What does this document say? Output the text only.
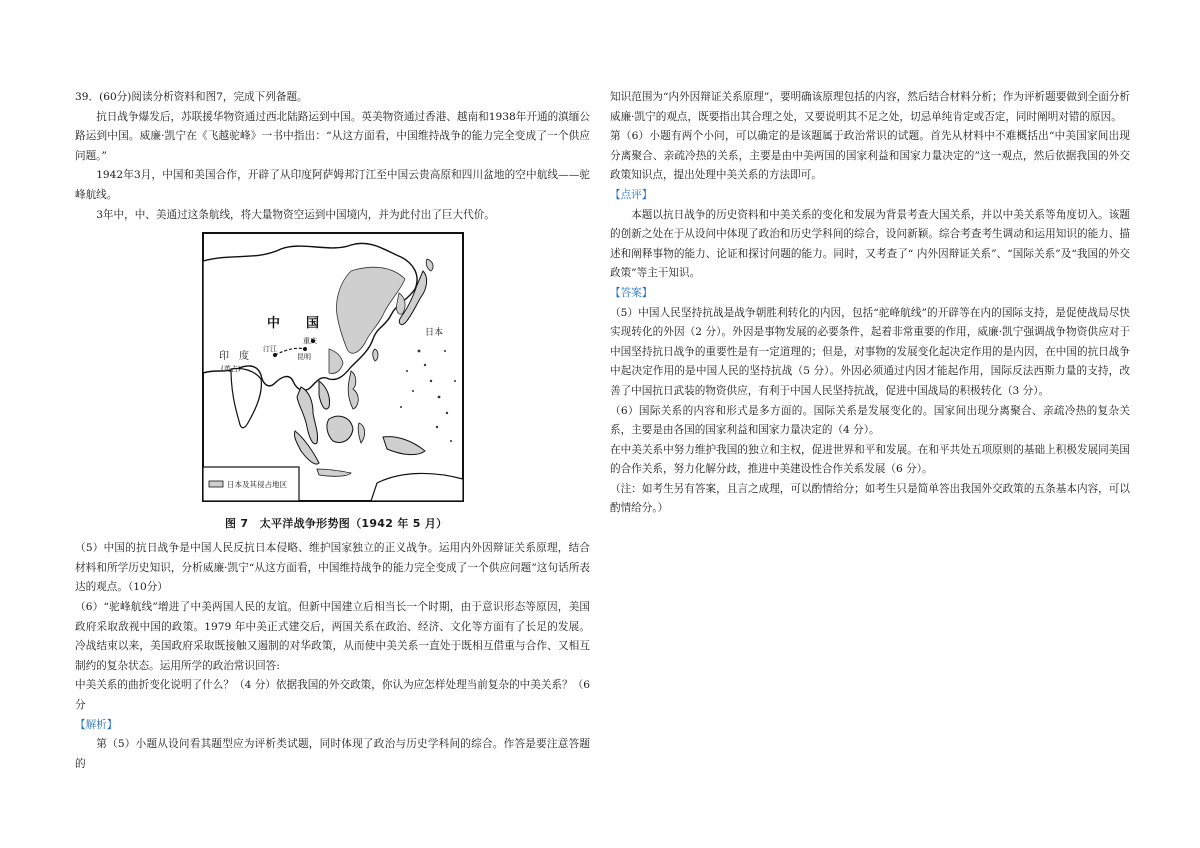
39．(60分)阅读分析资料和图7，完成下列备题。

抗日战争爆发后，苏联援华物资通过西北陆路运到中国。英美物资通过香港、越南和1938年开通的滇缅公路运到中国。威廉·凯宁在《飞越驼峰》一书中指出：“从这方面看，中国维持战争的能力完全变成了一个供应问题。”

1942年3月，中国和美国合作，开辟了从印度阿萨姆邦汀江至中国云贵高原和四川盆地的空中航线——驼峰航线。

3年中，中、美通过这条航线，将大量物资空运到中国境内，并为此付出了巨大代价。

中　　国
日本
印　度
(英占)
汀江
重庆
昆明
日本及其侵占地区
图 7　太平洋战争形势图（1942 年 5 月）

（5）中国的抗日战争是中国人民反抗日本侵略、维护国家独立的正义战争。运用内外因辩证关系原理，结合材料和所学历史知识，分析威廉·凯宁“从这方面看，中国维持战争的能力完全变成了一个供应问题”这句话所表达的观点。（10分）

（6）“驼峰航线”增进了中美两国人民的友谊。但新中国建立后相当长一个时期，由于意识形态等原因，美国政府采取敌视中国的政策。1979 年中美正式建交后，两国关系在政治、经济、文化等方面有了长足的发展。冷战结束以来，美国政府采取既接触又遏制的对华政策，从而使中美关系一直处于既相互借重与合作、又相互制约的复杂状态。运用所学的政治常识回答:

中美关系的曲折变化说明了什么？（4 分）依据我国的外交政策，你认为应怎样处理当前复杂的中美关系？（6分

【解析】

第（5）小题从设问看其题型应为评析类试题，同时体现了政治与历史学科间的综合。作答是要注意答题的

知识范围为“内外因辩证关系原理”，要明确该原理包括的内容，然后结合材料分析；作为评析题要做到全面分析威廉·凯宁的观点，既要指出其合理之处，又要说明其不足之处，切忌单纯肯定或否定，同时阐明对错的原因。

第（6）小题有两个小问，可以确定的是该题属于政治常识的试题。首先从材料中不难概括出“中美国家间出现分离聚合、亲疏冷热的关系，主要是由中美两国的国家利益和国家力量决定的”这一观点，然后依据我国的外交政策知识点，提出处理中美关系的方法即可。

【点评】

本题以抗日战争的历史资料和中美关系的变化和发展为背景考查大国关系，并以中美关系等角度切入。该题的创新之处在于从设问中体现了政治和历史学科间的综合，设问新颖。综合考查考生调动和运用知识的能力、描述和阐释事物的能力、论证和探讨问题的能力。同时，又考查了“ 内外因辩证关系”、“国际关系”及“我国的外交政策”等主干知识。

【答案】

（5）中国人民坚持抗战是战争朝胜利转化的内因，包括“驼峰航线”的开辟等在内的国际支持，是促使战局尽快实现转化的外因（2 分）。外因是事物发展的必要条件，起着非常重要的作用，威廉·凯宁强调战争物资供应对于中国坚持抗日战争的重要性是有一定道理的；但是，对事物的发展变化起决定作用的是内因，在中国的抗日战争中起决定作用的是中国人民的坚持抗战（5 分）。外因必须通过内因才能起作用，国际反法西斯力量的支持，改善了中国抗日武装的物资供应，有利于中国人民坚持抗战，促进中国战局的积极转化（3 分）。

（6）国际关系的内容和形式是多方面的。国际关系是发展变化的。国家间出现分离聚合、亲疏冷热的复杂关系，主要是由各国的国家利益和国家力量决定的（4 分）。

在中美关系中努力维护我国的独立和主权，促进世界和平和发展。在和平共处五项原则的基础上积极发展同美国的合作关系，努力化解分歧，推进中美建设性合作关系发展（6 分）。

（注：如考生另有答案，且言之成理，可以酌情给分；如考生只是简单答出我国外交政策的五条基本内容，可以酌情给分。）
